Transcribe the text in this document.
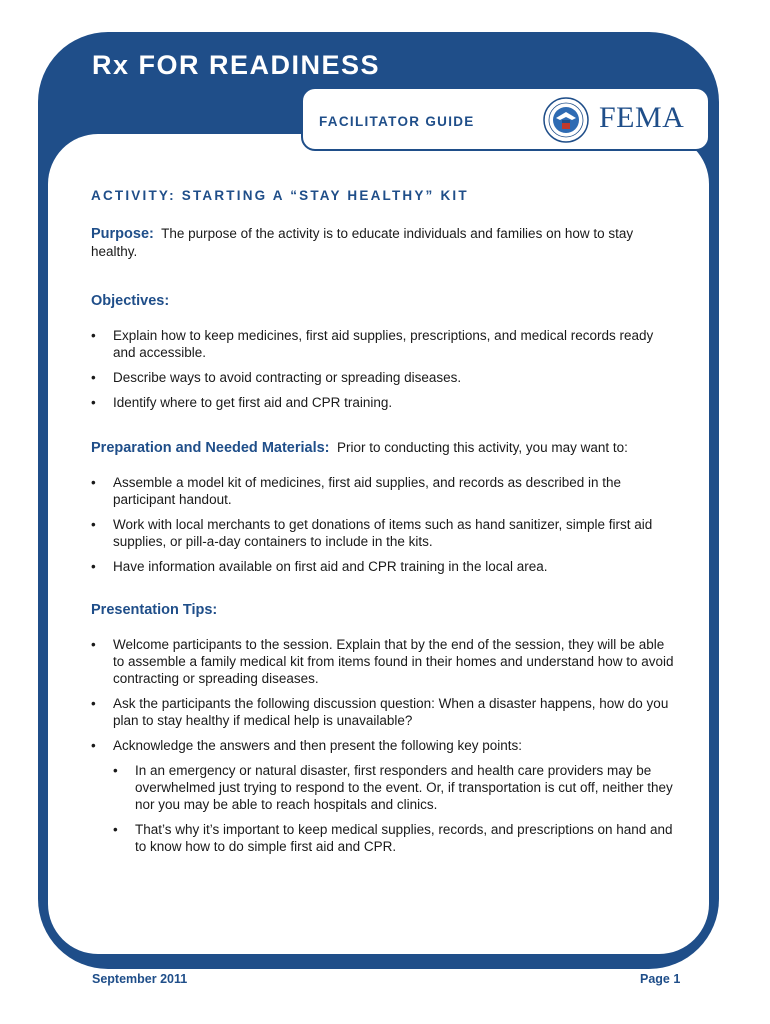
Rx FOR READINESS
FACILITATOR GUIDE	FEMA
ACTIVITY: STARTING A “STAY HEALTHY” KIT

Purpose: The purpose of the activity is to educate individuals and families on how to stay healthy.

Objectives:

• Explain how to keep medicines, first aid supplies, prescriptions, and medical records ready and accessible.
• Describe ways to avoid contracting or spreading diseases.
• Identify where to get first aid and CPR training.

Preparation and Needed Materials: Prior to conducting this activity, you may want to:

• Assemble a model kit of medicines, first aid supplies, and records as described in the participant handout.
• Work with local merchants to get donations of items such as hand sanitizer, simple first aid supplies, or pill-a-day containers to include in the kits.
• Have information available on first aid and CPR training in the local area.

Presentation Tips:

• Welcome participants to the session. Explain that by the end of the session, they will be able to assemble a family medical kit from items found in their homes and understand how to avoid contracting or spreading diseases.
• Ask the participants the following discussion question: When a disaster happens, how do you plan to stay healthy if medical help is unavailable?
• Acknowledge the answers and then present the following key points:
• In an emergency or natural disaster, first responders and health care providers may be overwhelmed just trying to respond to the event. Or, if transportation is cut off, neither they nor you may be able to reach hospitals and clinics.
• That’s why it’s important to keep medical supplies, records, and prescriptions on hand and to know how to do simple first aid and CPR.
September 2011	Page 1
